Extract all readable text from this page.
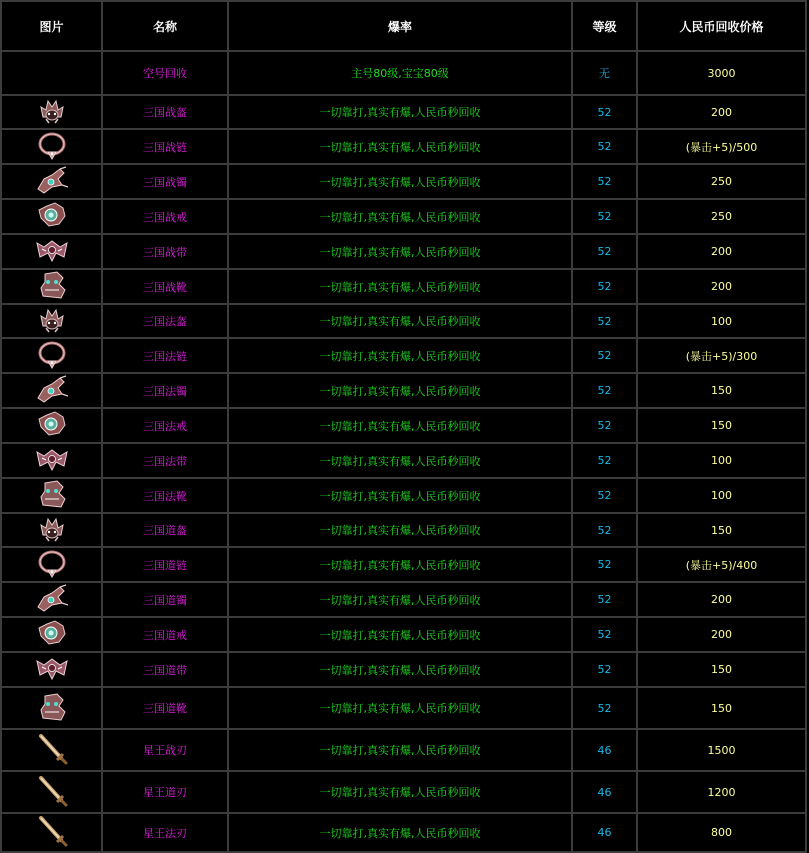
图片	名称	爆率	等级	人民币回收价格
	空号回收	主号80级,宝宝80级	无	3000
	三国战盔	一切靠打,真实有爆,人民币秒回收	52	200
	三国战链	一切靠打,真实有爆,人民币秒回收	52	(暴击+5)/500
	三国战镯	一切靠打,真实有爆,人民币秒回收	52	250
	三国战戒	一切靠打,真实有爆,人民币秒回收	52	250
	三国战带	一切靠打,真实有爆,人民币秒回收	52	200
	三国战靴	一切靠打,真实有爆,人民币秒回收	52	200
	三国法盔	一切靠打,真实有爆,人民币秒回收	52	100
	三国法链	一切靠打,真实有爆,人民币秒回收	52	(暴击+5)/300
	三国法镯	一切靠打,真实有爆,人民币秒回收	52	150
	三国法戒	一切靠打,真实有爆,人民币秒回收	52	150
	三国法带	一切靠打,真实有爆,人民币秒回收	52	100
	三国法靴	一切靠打,真实有爆,人民币秒回收	52	100
	三国道盔	一切靠打,真实有爆,人民币秒回收	52	150
	三国道链	一切靠打,真实有爆,人民币秒回收	52	(暴击+5)/400
	三国道镯	一切靠打,真实有爆,人民币秒回收	52	200
	三国道戒	一切靠打,真实有爆,人民币秒回收	52	200
	三国道带	一切靠打,真实有爆,人民币秒回收	52	150
	三国道靴	一切靠打,真实有爆,人民币秒回收	52	150
	星王战刃	一切靠打,真实有爆,人民币秒回收	46	1500
	星王道刃	一切靠打,真实有爆,人民币秒回收	46	1200
	星王法刃	一切靠打,真实有爆,人民币秒回收	46	800
